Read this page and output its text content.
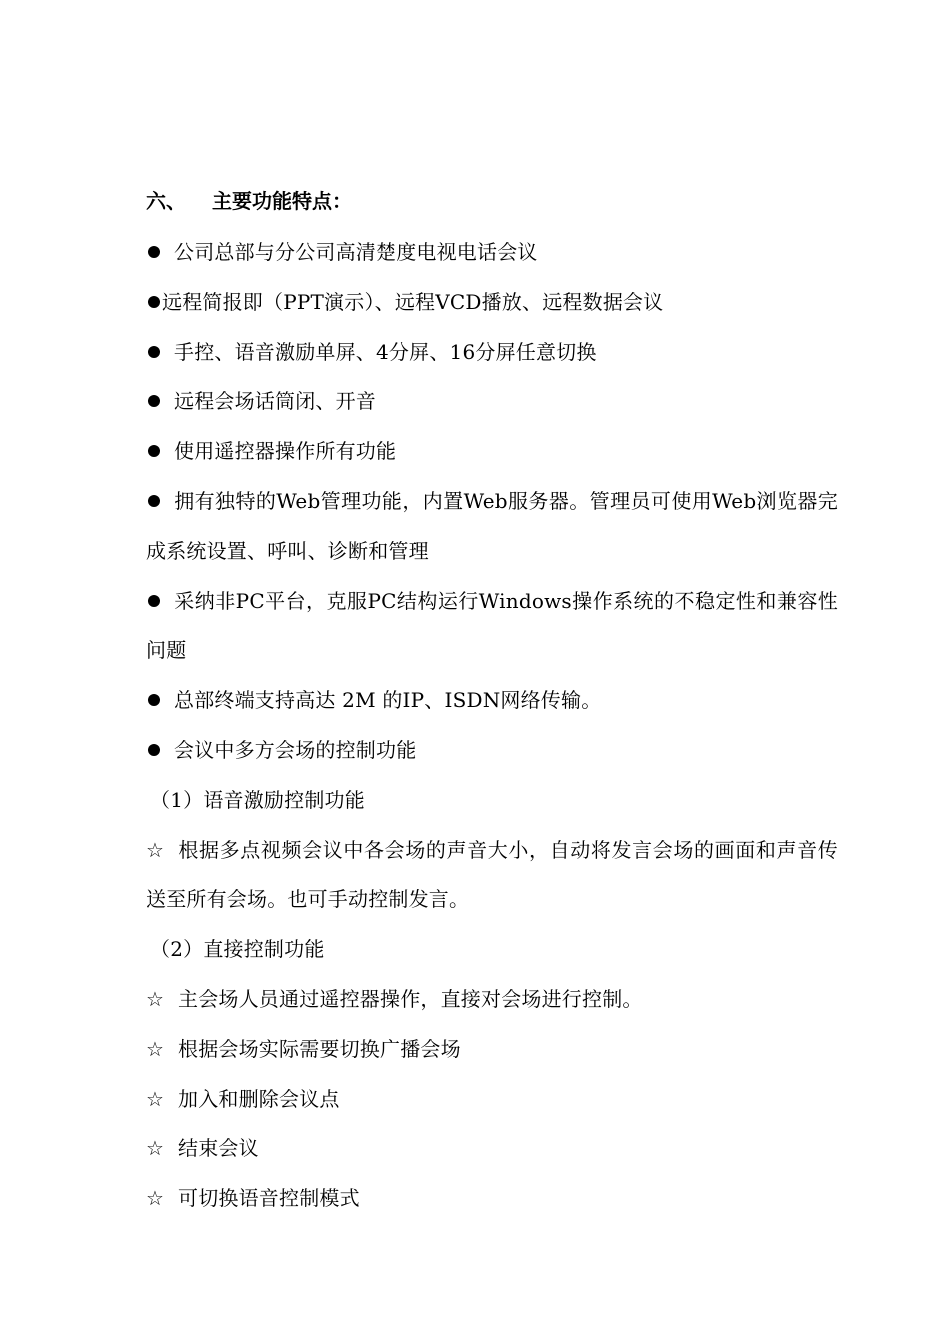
六、 主要功能特点：
公司总部与分公司高清楚度电视电话会议
远程简报即（PPT演示）、远程VCD播放、远程数据会议
手控、语音激励单屏、4分屏、16分屏任意切换
远程会场话筒闭、开音
使用遥控器操作所有功能
拥有独特的Web管理功能，内置Web服务器。管理员可使用Web浏览器完成系统设置、呼叫、诊断和管理
采纳非PC平台，克服PC结构运行Windows操作系统的不稳定性和兼容性问题
总部终端支持高达 2M 的IP、ISDN网络传输。
会议中多方会场的控制功能
（1）语音激励控制功能
☆ 根据多点视频会议中各会场的声音大小，自动将发言会场的画面和声音传送至所有会场。也可手动控制发言。
（2）直接控制功能
☆ 主会场人员通过遥控器操作，直接对会场进行控制。
☆ 根据会场实际需要切换广播会场
☆ 加入和删除会议点
☆ 结束会议
☆ 可切换语音控制模式
